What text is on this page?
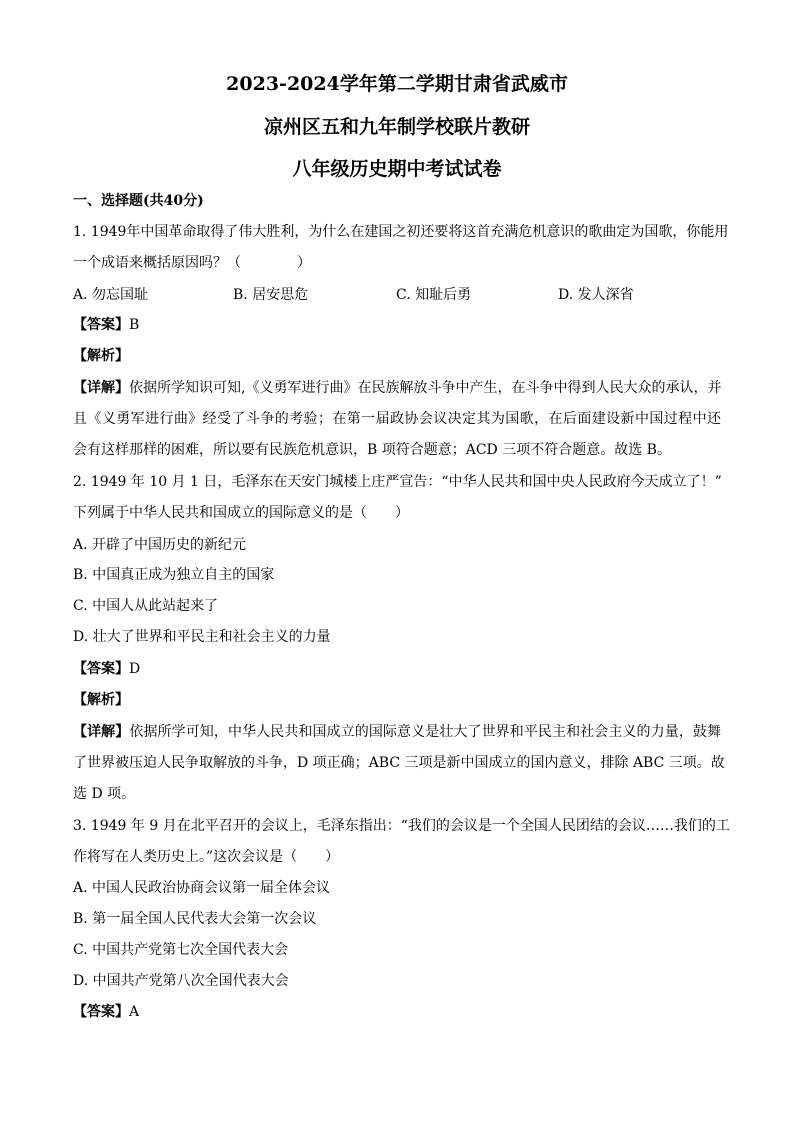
2023-2024学年第二学期甘肃省武威市
凉州区五和九年制学校联片教研
八年级历史期中考试试卷
一、选择题(共40分)
1. 1949年中国革命取得了伟大胜利，为什么在建国之初还要将这首充满危机意识的歌曲定为国歌，你能用
一个成语来概括原因吗？（　　　　）
A. 勿忘国耻	B. 居安思危	C. 知耻后勇	D. 发人深省
【答案】B
【解析】
【详解】依据所学知识可知,《义勇军进行曲》在民族解放斗争中产生，在斗争中得到人民大众的承认，并
且《义勇军进行曲》经受了斗争的考验；在第一届政协会议决定其为国歌，在后面建设新中国过程中还
会有这样那样的困难，所以要有民族危机意识，B 项符合题意；ACD 三项不符合题意。故选 B。
2. 1949 年 10 月 1 日，毛泽东在天安门城楼上庄严宣告：“中华人民共和国中央人民政府今天成立了！”
下列属于中华人民共和国成立的国际意义的是（　　）
A. 开辟了中国历史的新纪元
B. 中国真正成为独立自主的国家
C. 中国人从此站起来了
D. 壮大了世界和平民主和社会主义的力量
【答案】D
【解析】
【详解】依据所学可知，中华人民共和国成立的国际意义是壮大了世界和平民主和社会主义的力量，鼓舞
了世界被压迫人民争取解放的斗争，D 项正确；ABC 三项是新中国成立的国内意义，排除 ABC 三项。故
选 D 项。
3. 1949 年 9 月在北平召开的会议上，毛泽东指出：“我们的会议是一个全国人民团结的会议……我们的工
作将写在人类历史上。”这次会议是（　　）
A. 中国人民政治协商会议第一届全体会议
B. 第一届全国人民代表大会第一次会议
C. 中国共产党第七次全国代表大会
D. 中国共产党第八次全国代表大会
【答案】A
